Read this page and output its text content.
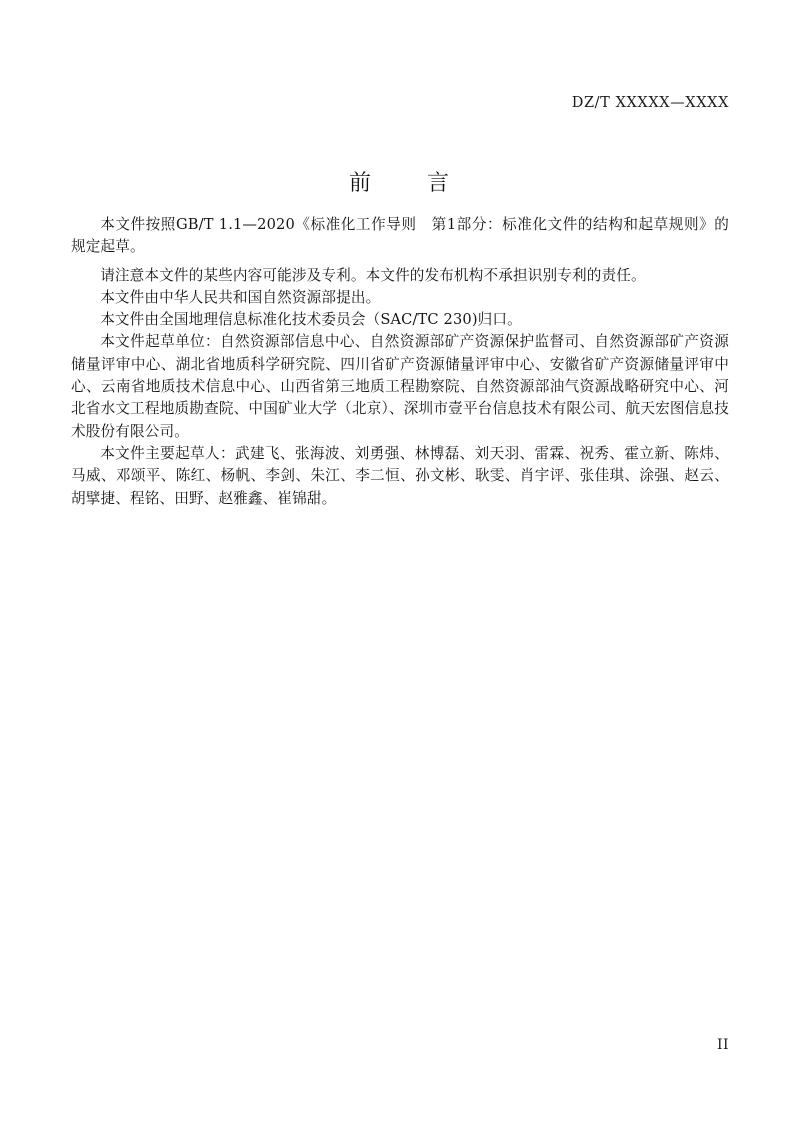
DZ/T XXXXX—XXXX
前      言

本文件按照GB/T 1.1—2020《标准化工作导则　第1部分：标准化文件的结构和起草规则》的规定起草。

请注意本文件的某些内容可能涉及专利。本文件的发布机构不承担识别专利的责任。

本文件由中华人民共和国自然资源部提出。

本文件由全国地理信息标准化技术委员会（SAC/TC 230)归口。

本文件起草单位：自然资源部信息中心、自然资源部矿产资源保护监督司、自然资源部矿产资源储量评审中心、湖北省地质科学研究院、四川省矿产资源储量评审中心、安徽省矿产资源储量评审中心、云南省地质技术信息中心、山西省第三地质工程勘察院、自然资源部油气资源战略研究中心、河北省水文工程地质勘查院、中国矿业大学（北京）、深圳市壹平台信息技术有限公司、航天宏图信息技术股份有限公司。

本文件主要起草人：武建飞、张海波、刘勇强、林博磊、刘天羽、雷霖、祝秀、霍立新、陈炜、马威、邓颂平、陈红、杨帆、李剑、朱江、李二恒、孙文彬、耿雯、肖宇评、张佳琪、涂强、赵云、胡擘捷、程铭、田野、赵雅鑫、崔锦甜。

II
